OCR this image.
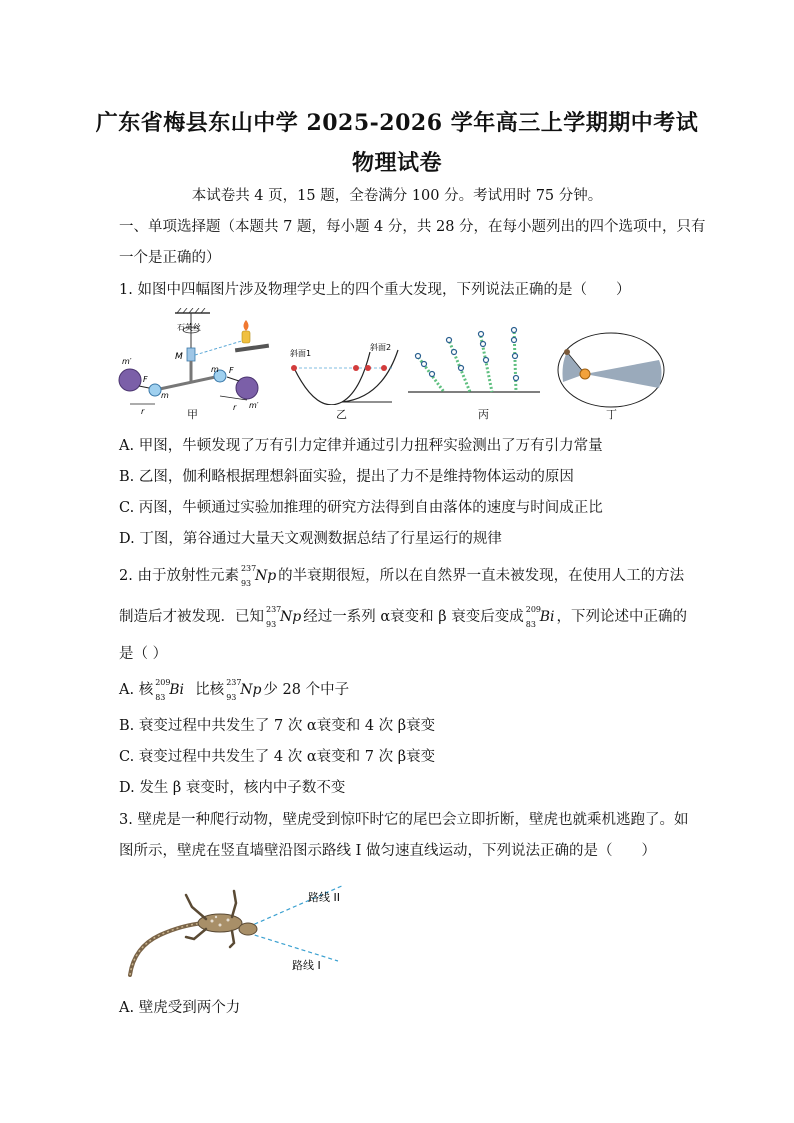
广东省梅县东山中学 2025-2026 学年高三上学期期中考试
物理试卷
本试卷共 4 页，15 题，全卷满分 100 分。考试用时 75 分钟。
一、单项选择题（本题共 7 题，每小题 4 分，共 28 分，在每小题列出的四个选项中，只有
一个是正确的）
1. 如图中四幅图片涉及物理学史上的四个重大发现，下列说法正确的是（　　）
石英丝
M
m′
m′
m
m
F
F
r	r
甲
斜面1
斜面2
乙	丙	丁
A. 甲图，牛顿发现了万有引力定律并通过引力扭秤实验测出了万有引力常量
B. 乙图，伽利略根据理想斜面实验，提出了力不是维持物体运动的原因
C. 丙图，牛顿通过实验加推理的研究方法得到自由落体的速度与时间成正比
D. 丁图，第谷通过大量天文观测数据总结了行星运行的规律
2. 由于放射性元素 237
93 Np 的半衰期很短，所以在自然界一直未被发现，在使用人工的方法
制造后才被发现．已知 237
93 Np 经过一系列 α衰变和 β 衰变后变成 209
83 Bi ，下列论述中正确的
是（ ）
A. 核 209
83 Bi 比核 237
93 Np 少 28 个中子
B. 衰变过程中共发生了 7 次 α衰变和 4 次 β衰变
C. 衰变过程中共发生了 4 次 α衰变和 7 次 β衰变
D. 发生 β 衰变时，核内中子数不变
3. 壁虎是一种爬行动物，壁虎受到惊吓时它的尾巴会立即折断，壁虎也就乘机逃跑了。如
图所示，壁虎在竖直墙壁沿图示路线 I 做匀速直线运动，下列说法正确的是（　　）
路线 II
路线 I
A. 壁虎受到两个力
